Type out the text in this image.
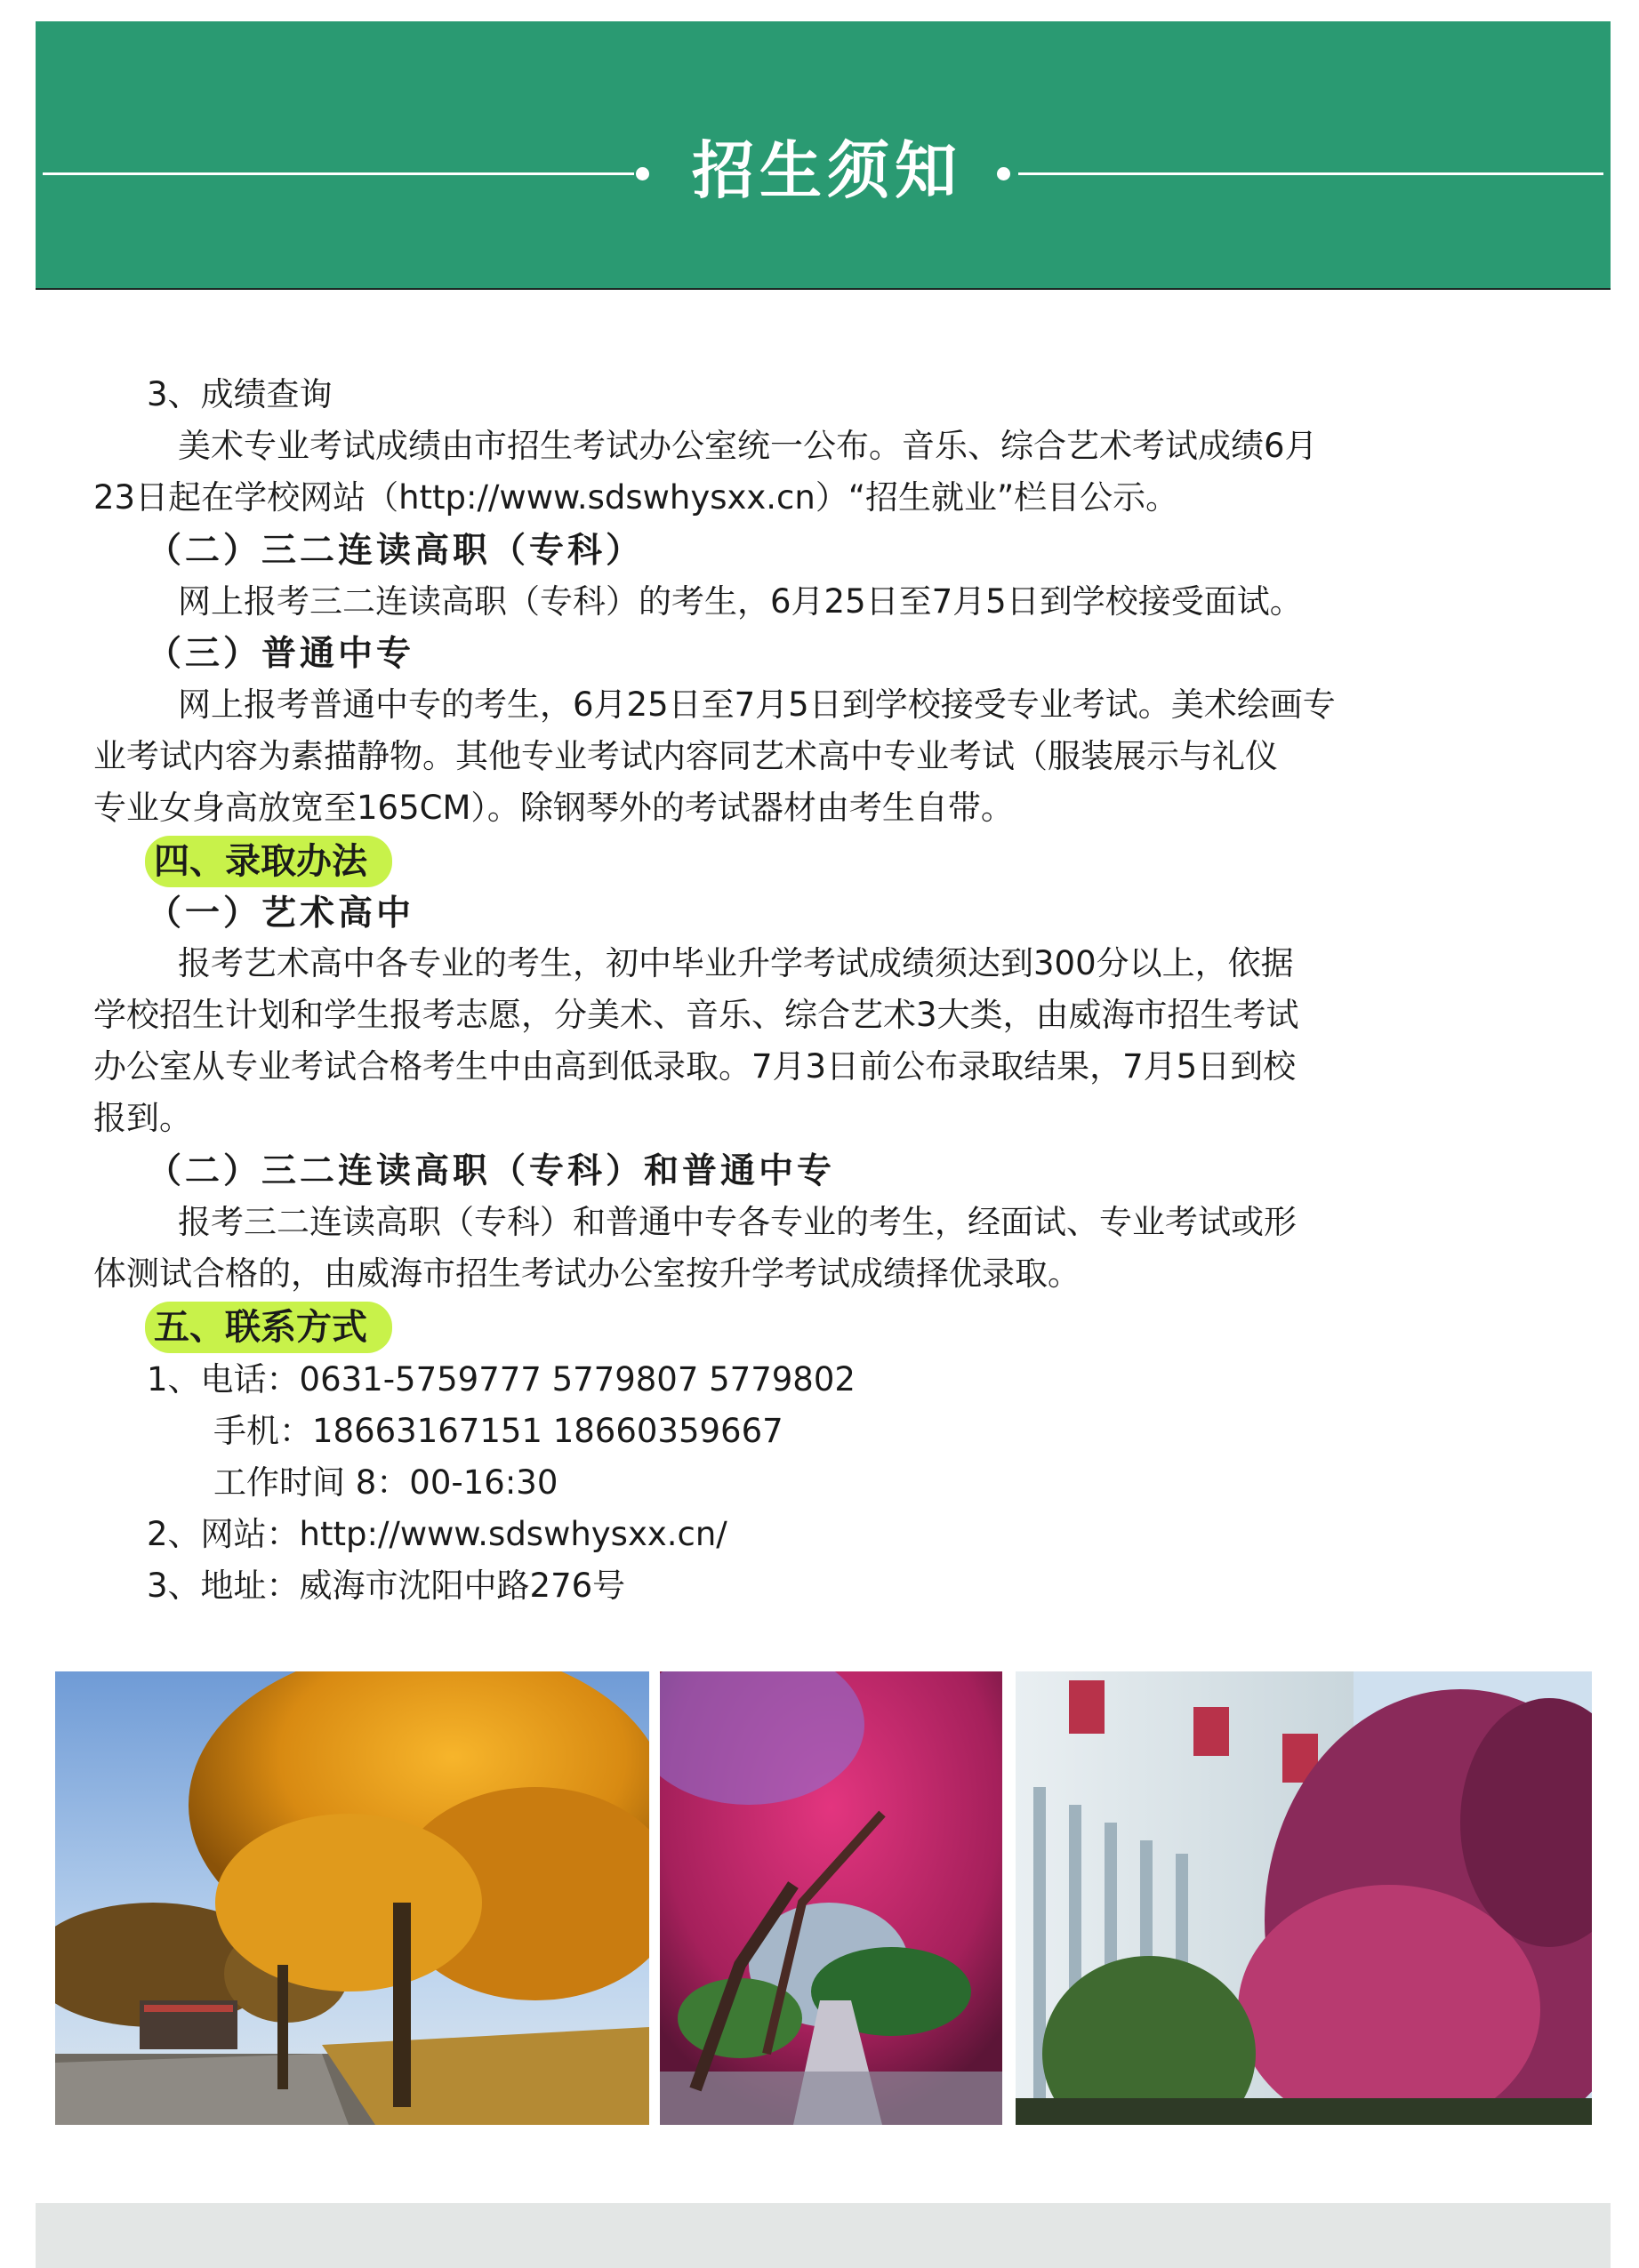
招生须知
3、成绩查询
美术专业考试成绩由市招生考试办公室统一公布。音乐、综合艺术考试成绩6月
23日起在学校网站（http://www.sdswhysxx.cn）“招生就业”栏目公示。
（二）三二连读高职（专科）
网上报考三二连读高职（专科）的考生，6月25日至7月5日到学校接受面试。
（三）普通中专
网上报考普通中专的考生，6月25日至7月5日到学校接受专业考试。美术绘画专
业考试内容为素描静物。其他专业考试内容同艺术高中专业考试（服装展示与礼仪
专业女身高放宽至165CM）。除钢琴外的考试器材由考生自带。
四、录取办法
（一）艺术高中
报考艺术高中各专业的考生，初中毕业升学考试成绩须达到300分以上，依据
学校招生计划和学生报考志愿，分美术、音乐、综合艺术3大类，由威海市招生考试
办公室从专业考试合格考生中由高到低录取。7月3日前公布录取结果，7月5日到校
报到。
（二）三二连读高职（专科）和普通中专
报考三二连读高职（专科）和普通中专各专业的考生，经面试、专业考试或形
体测试合格的，由威海市招生考试办公室按升学考试成绩择优录取。
五、联系方式
1、电话：0631-5759777 5779807 5779802
手机：18663167151 18660359667
工作时间 8：00-16:30
2、网站：http://www.sdswhysxx.cn/
3、地址：威海市沈阳中路276号
